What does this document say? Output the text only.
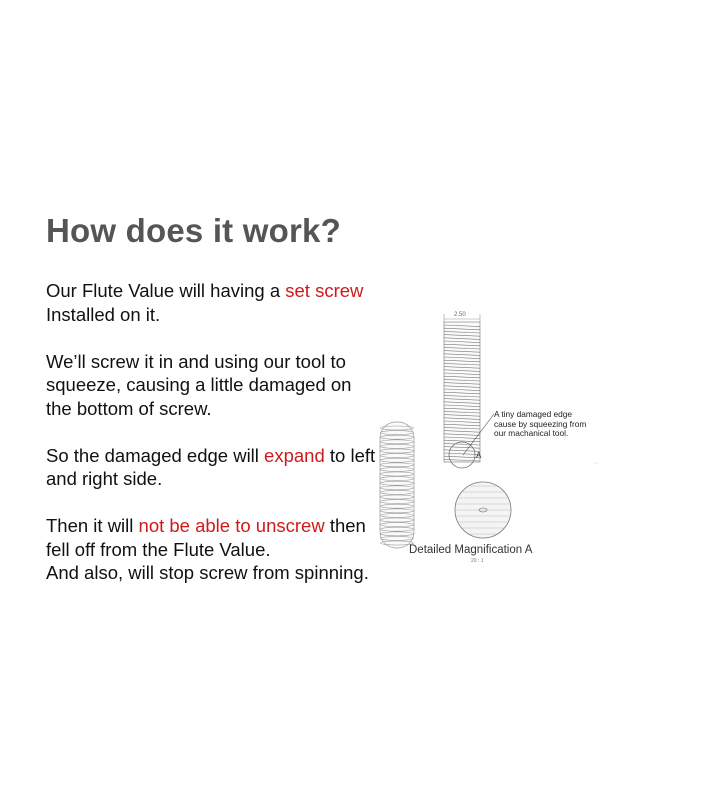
How does it work?

Our Flute Value will having a set screw
Installed on it.

We’ll screw it in and using our tool to squeeze, causing a little damaged on the bottom of screw.

So the damaged edge will expand to left and right side.

Then it will not be able to unscrew then fell off from the Flute Value.
And also, will stop screw from spinning.

2.50
A tiny damaged edge
cause by squeezing from
our machanical tool.
A
Detailed Magnification A
20 : 1
